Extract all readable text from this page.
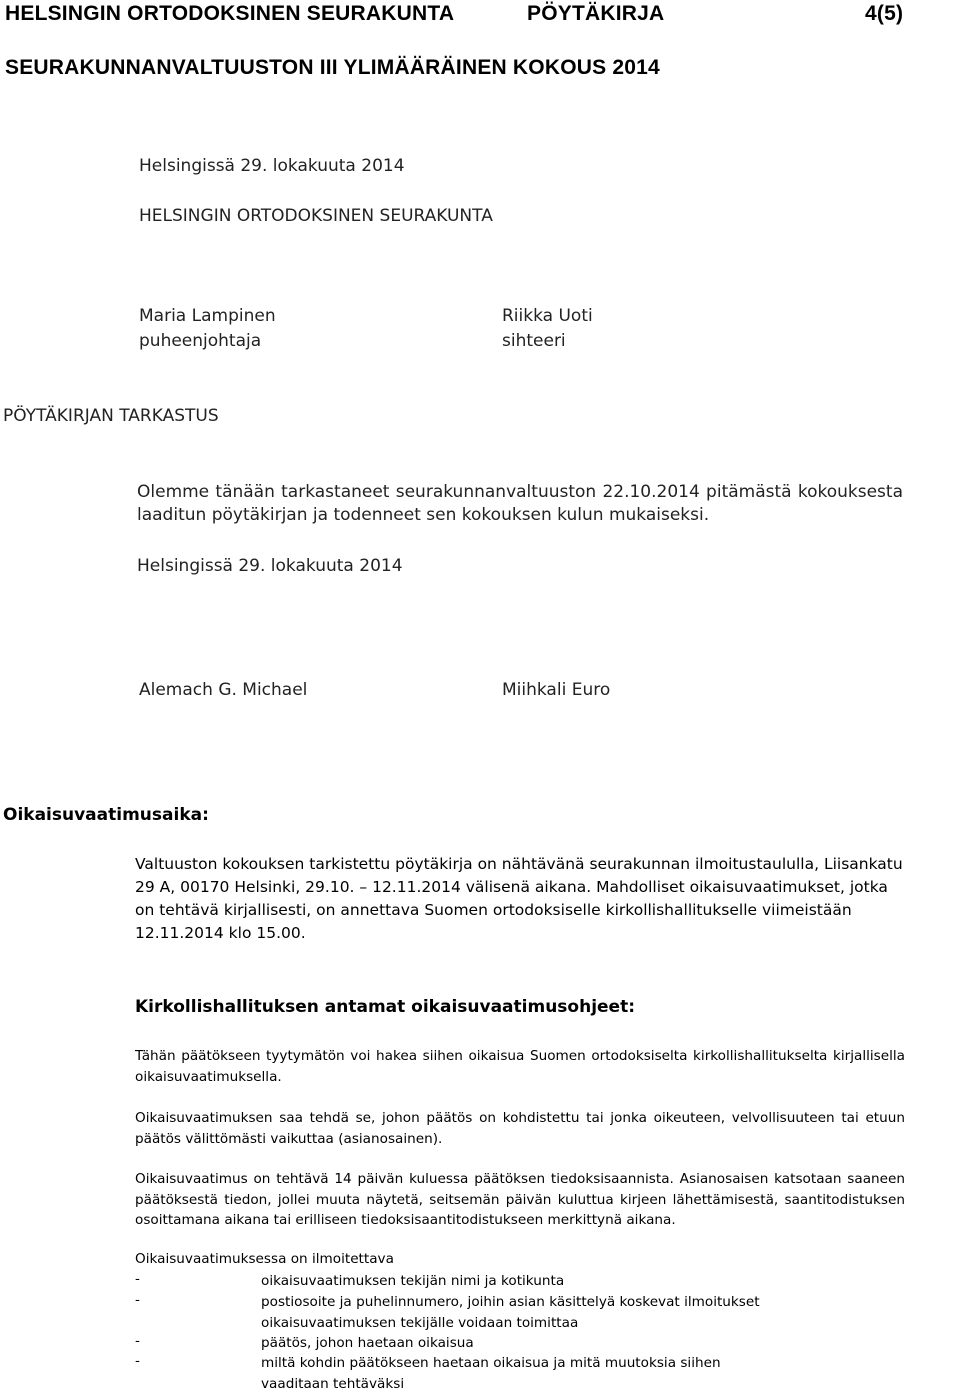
HELSINGIN ORTODOKSINEN SEURAKUNTA	PÖYTÄKIRJA	4(5)
SEURAKUNNANVALTUUSTON III YLIMÄÄRÄINEN KOKOUS 2014
Helsingissä 29. lokakuuta 2014
HELSINGIN ORTODOKSINEN SEURAKUNTA
Maria Lampinen
puheenjohtaja
Riikka Uoti
sihteeri
PÖYTÄKIRJAN TARKASTUS
Olemme tänään tarkastaneet seurakunnanvaltuuston 22.10.2014 pitämästä kokouksesta laaditun pöytäkirjan ja todenneet sen kokouksen kulun mukaiseksi.
Helsingissä 29. lokakuuta 2014
Alemach G. Michael	Miihkali Euro
Oikaisuvaatimusaika:
Valtuuston kokouksen tarkistettu pöytäkirja on nähtävänä seurakunnan ilmoitustaululla, Liisankatu 29 A, 00170 Helsinki, 29.10. – 12.11.2014 välisenä aikana. Mahdolliset oikaisuvaatimukset, jotka on tehtävä kirjallisesti, on annettava Suomen ortodoksiselle kirkollishallitukselle viimeistään 12.11.2014 klo 15.00.
Kirkollishallituksen antamat oikaisuvaatimusohjeet:
Tähän päätökseen tyytymätön voi hakea siihen oikaisua Suomen ortodoksiselta kirkollishallitukselta kirjallisella oikaisuvaatimuksella.
Oikaisuvaatimuksen saa tehdä se, johon päätös on kohdistettu tai jonka oikeuteen, velvollisuuteen tai etuun päätös välittömästi vaikuttaa (asianosainen).
Oikaisuvaatimus on tehtävä 14 päivän kuluessa päätöksen tiedoksisaannista. Asianosaisen katsotaan saaneen päätöksestä tiedon, jollei muuta näytetä, seitsemän päivän kuluttua kirjeen lähettämisestä, saantitodistuksen osoittamana aikana tai erilliseen tiedoksisaantitodistukseen merkittynä aikana.
Oikaisuvaatimuksessa on ilmoitettava
-	oikaisuvaatimuksen tekijän nimi ja kotikunta
-	postiosoite ja puhelinnumero, joihin asian käsittelyä koskevat ilmoitukset oikaisuvaatimuksen tekijälle voidaan toimittaa
-	päätös, johon haetaan oikaisua
-	miltä kohdin päätökseen haetaan oikaisua ja mitä muutoksia siihen vaaditaan tehtäväksi
